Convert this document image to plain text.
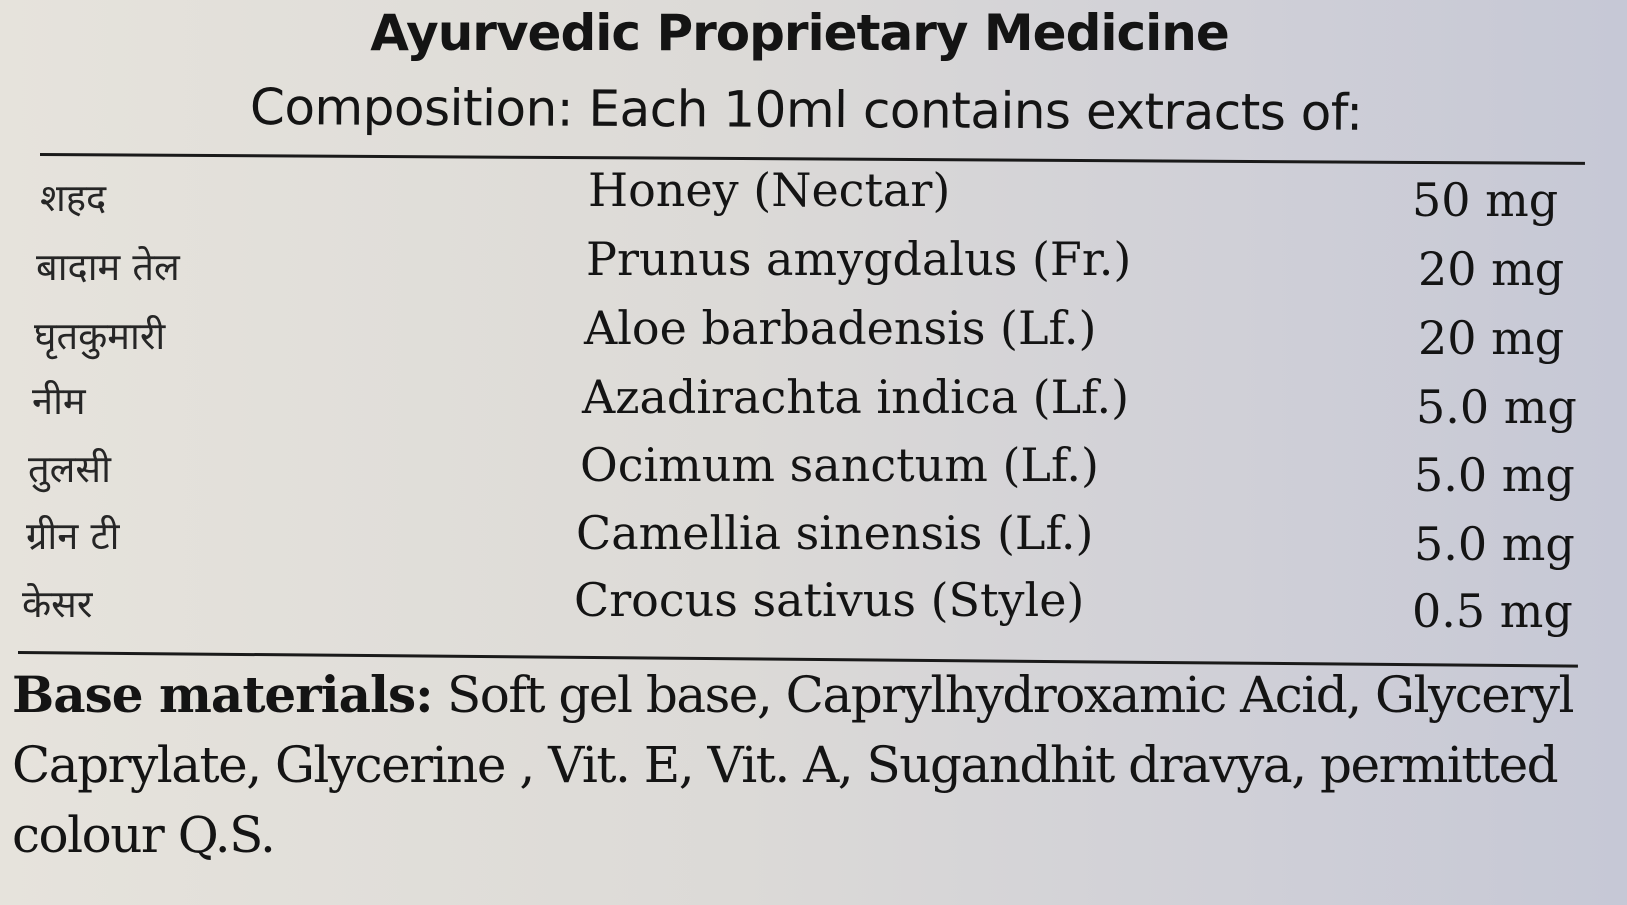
Ayurvedic Proprietary Medicine
Composition: Each 10ml contains extracts of:
शहद	Honey (Nectar)	50 mg
बादाम तेल	Prunus amygdalus (Fr.)	20 mg
घृतकुमारी	Aloe barbadensis (Lf.)	20 mg
नीम	Azadirachta indica (Lf.)	5.0 mg
तुलसी	Ocimum sanctum (Lf.)	5.0 mg
ग्रीन टी	Camellia sinensis (Lf.)	5.0 mg
केसर	Crocus sativus (Style)	0.5 mg
Base materials: Soft gel base, Caprylhydroxamic Acid, Glyceryl Caprylate, Glycerine , Vit. E, Vit. A, Sugandhit dravya, permitted colour Q.S.
